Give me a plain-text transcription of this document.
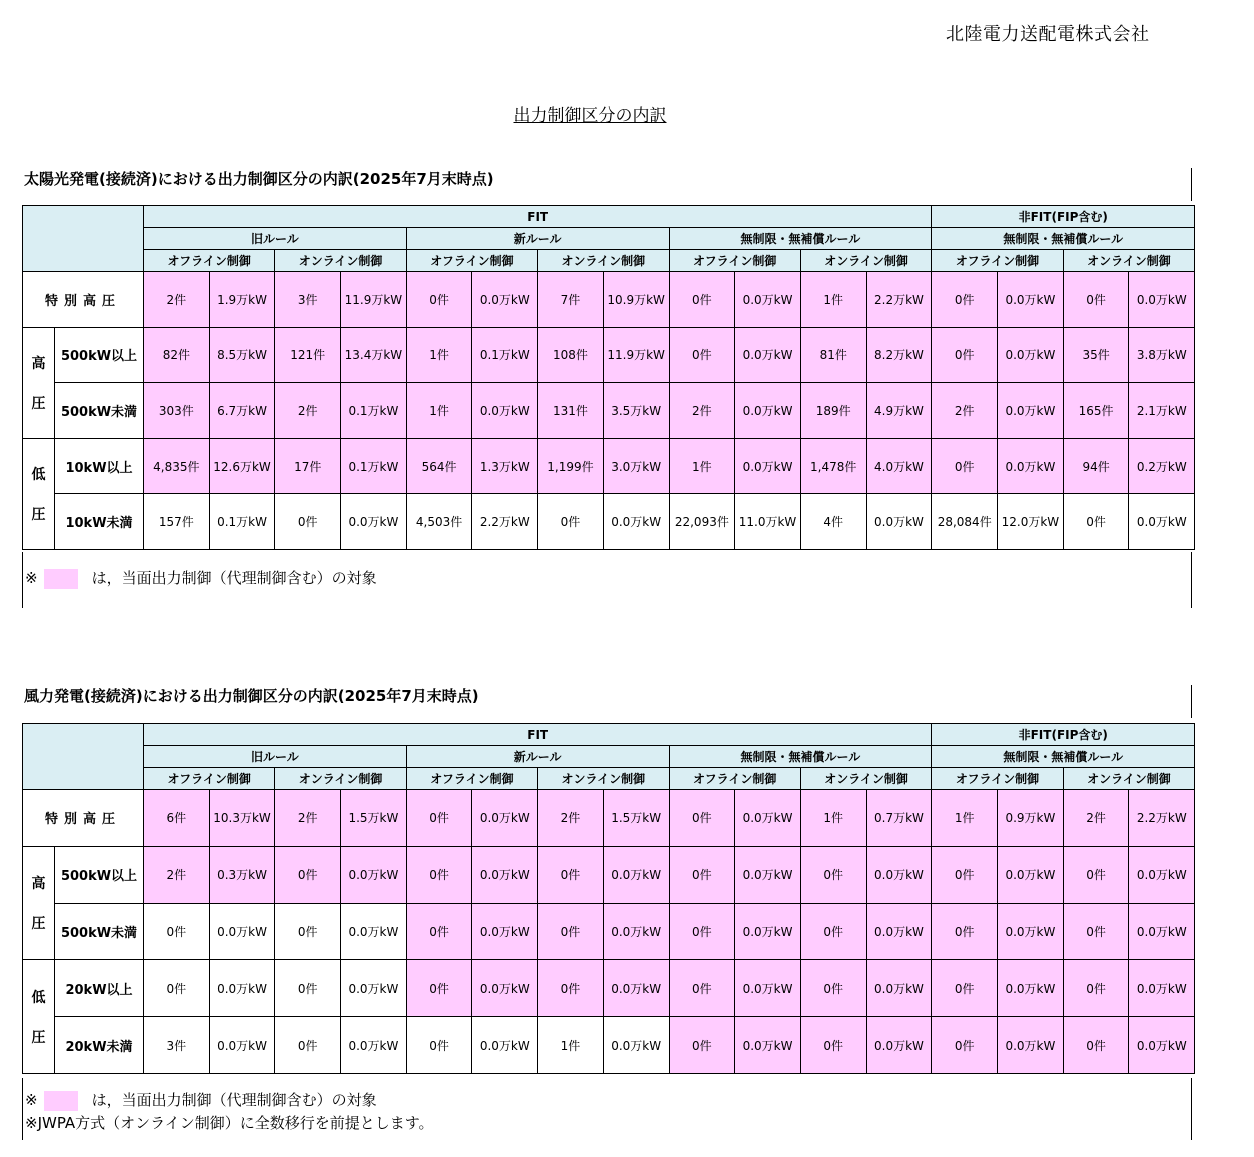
北陸電力送配電株式会社
出力制御区分の内訳
太陽光発電(接続済)における出力制御区分の内訳(2025年7月末時点)
		FIT												非FIT(FIP含む)			
		旧ルール				新ルール				無制限・無補償ルール				無制限・無補償ルール			
		オフライン制御		オンライン制御		オフライン制御		オンライン制御		オフライン制御		オンライン制御		オフライン制御		オンライン制御	
特別高圧		2件	1.9万kW	3件	11.9万kW	0件	0.0万kW	7件	10.9万kW	0件	0.0万kW	1件	2.2万kW	0件	0.0万kW	0件	0.0万kW

高
圧	500kW以上	82件	8.5万kW	121件	13.4万kW	1件	0.1万kW	108件	11.9万kW	0件	0.0万kW	81件	8.2万kW	0件	0.0万kW	35件	3.8万kW
	500kW未満	303件	6.7万kW	2件	0.1万kW	1件	0.0万kW	131件	3.5万kW	2件	0.0万kW	189件	4.9万kW	2件	0.0万kW	165件	2.1万kW

低
圧	10kW以上	4,835件	12.6万kW	17件	0.1万kW	564件	1.3万kW	1,199件	3.0万kW	1件	0.0万kW	1,478件	4.0万kW	0件	0.0万kW	94件	0.2万kW
	10kW未満	157件	0.1万kW	0件	0.0万kW	4,503件	2.2万kW	0件	0.0万kW	22,093件	11.0万kW	4件	0.0万kW	28,084件	12.0万kW	0件	0.0万kW
※	は，当面出力制御（代理制御含む）の対象
風力発電(接続済)における出力制御区分の内訳(2025年7月末時点)
		FIT												非FIT(FIP含む)			
		旧ルール				新ルール				無制限・無補償ルール				無制限・無補償ルール			
		オフライン制御		オンライン制御		オフライン制御		オンライン制御		オフライン制御		オンライン制御		オフライン制御		オンライン制御	
特別高圧		6件	10.3万kW	2件	1.5万kW	0件	0.0万kW	2件	1.5万kW	0件	0.0万kW	1件	0.7万kW	1件	0.9万kW	2件	2.2万kW

高
圧	500kW以上	2件	0.3万kW	0件	0.0万kW	0件	0.0万kW	0件	0.0万kW	0件	0.0万kW	0件	0.0万kW	0件	0.0万kW	0件	0.0万kW
	500kW未満	0件	0.0万kW	0件	0.0万kW	0件	0.0万kW	0件	0.0万kW	0件	0.0万kW	0件	0.0万kW	0件	0.0万kW	0件	0.0万kW

低
圧	20kW以上	0件	0.0万kW	0件	0.0万kW	0件	0.0万kW	0件	0.0万kW	0件	0.0万kW	0件	0.0万kW	0件	0.0万kW	0件	0.0万kW
	20kW未満	3件	0.0万kW	0件	0.0万kW	0件	0.0万kW	1件	0.0万kW	0件	0.0万kW	0件	0.0万kW	0件	0.0万kW	0件	0.0万kW
※	は，当面出力制御（代理制御含む）の対象
※JWPA方式（オンライン制御）に全数移行を前提とします。
